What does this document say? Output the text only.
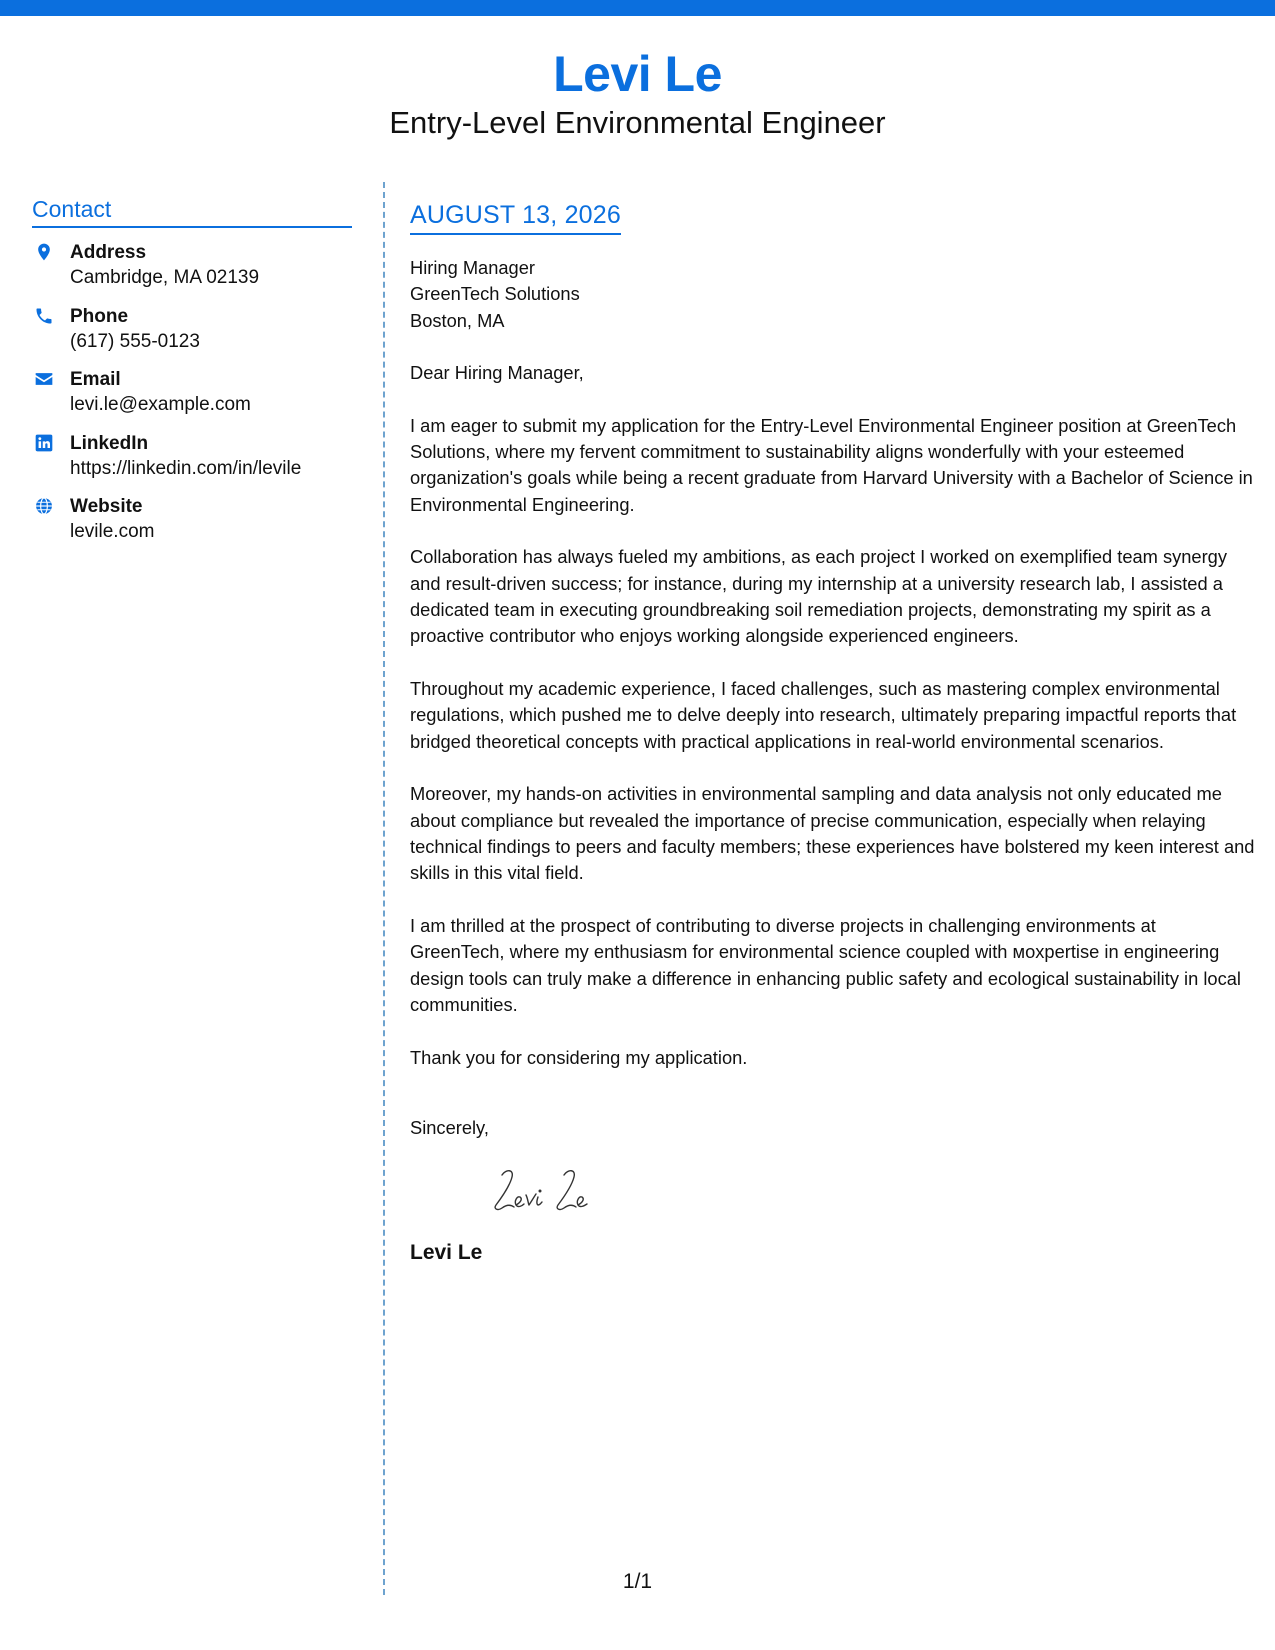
Levi Le
Entry-Level Environmental Engineer
Contact
Address
Cambridge, MA 02139
Phone
(617) 555-0123
Email
levi.le@example.com
LinkedIn
https://linkedin.com/in/levile
Website
levile.com
AUGUST 13, 2026
Hiring Manager
GreenTech Solutions
Boston, MA
Dear Hiring Manager,

I am eager to submit my application for the Entry-Level Environmental Engineer position at GreenTech Solutions, where my fervent commitment to sustainability aligns wonderfully with your esteemed organization's goals while being a recent graduate from Harvard University with a Bachelor of Science in Environmental Engineering.

Collaboration has always fueled my ambitions, as each project I worked on exemplified team synergy and result-driven success; for instance, during my internship at a university research lab, I assisted a dedicated team in executing groundbreaking soil remediation projects, demonstrating my spirit as a proactive contributor who enjoys working alongside experienced engineers.

Throughout my academic experience, I faced challenges, such as mastering complex environmental regulations, which pushed me to delve deeply into research, ultimately preparing impactful reports that bridged theoretical concepts with practical applications in real-world environmental scenarios.

Moreover, my hands-on activities in environmental sampling and data analysis not only educated me about compliance but revealed the importance of precise communication, especially when relaying technical findings to peers and faculty members; these experiences have bolstered my keen interest and skills in this vital field.

I am thrilled at the prospect of contributing to diverse projects in challenging environments at GreenTech, where my enthusiasm for environmental science coupled with мoxpertise in engineering design tools can truly make a difference in enhancing public safety and ecological sustainability in local communities.

Thank you for considering my application.

Sincerely,
Levi Le
1/1
